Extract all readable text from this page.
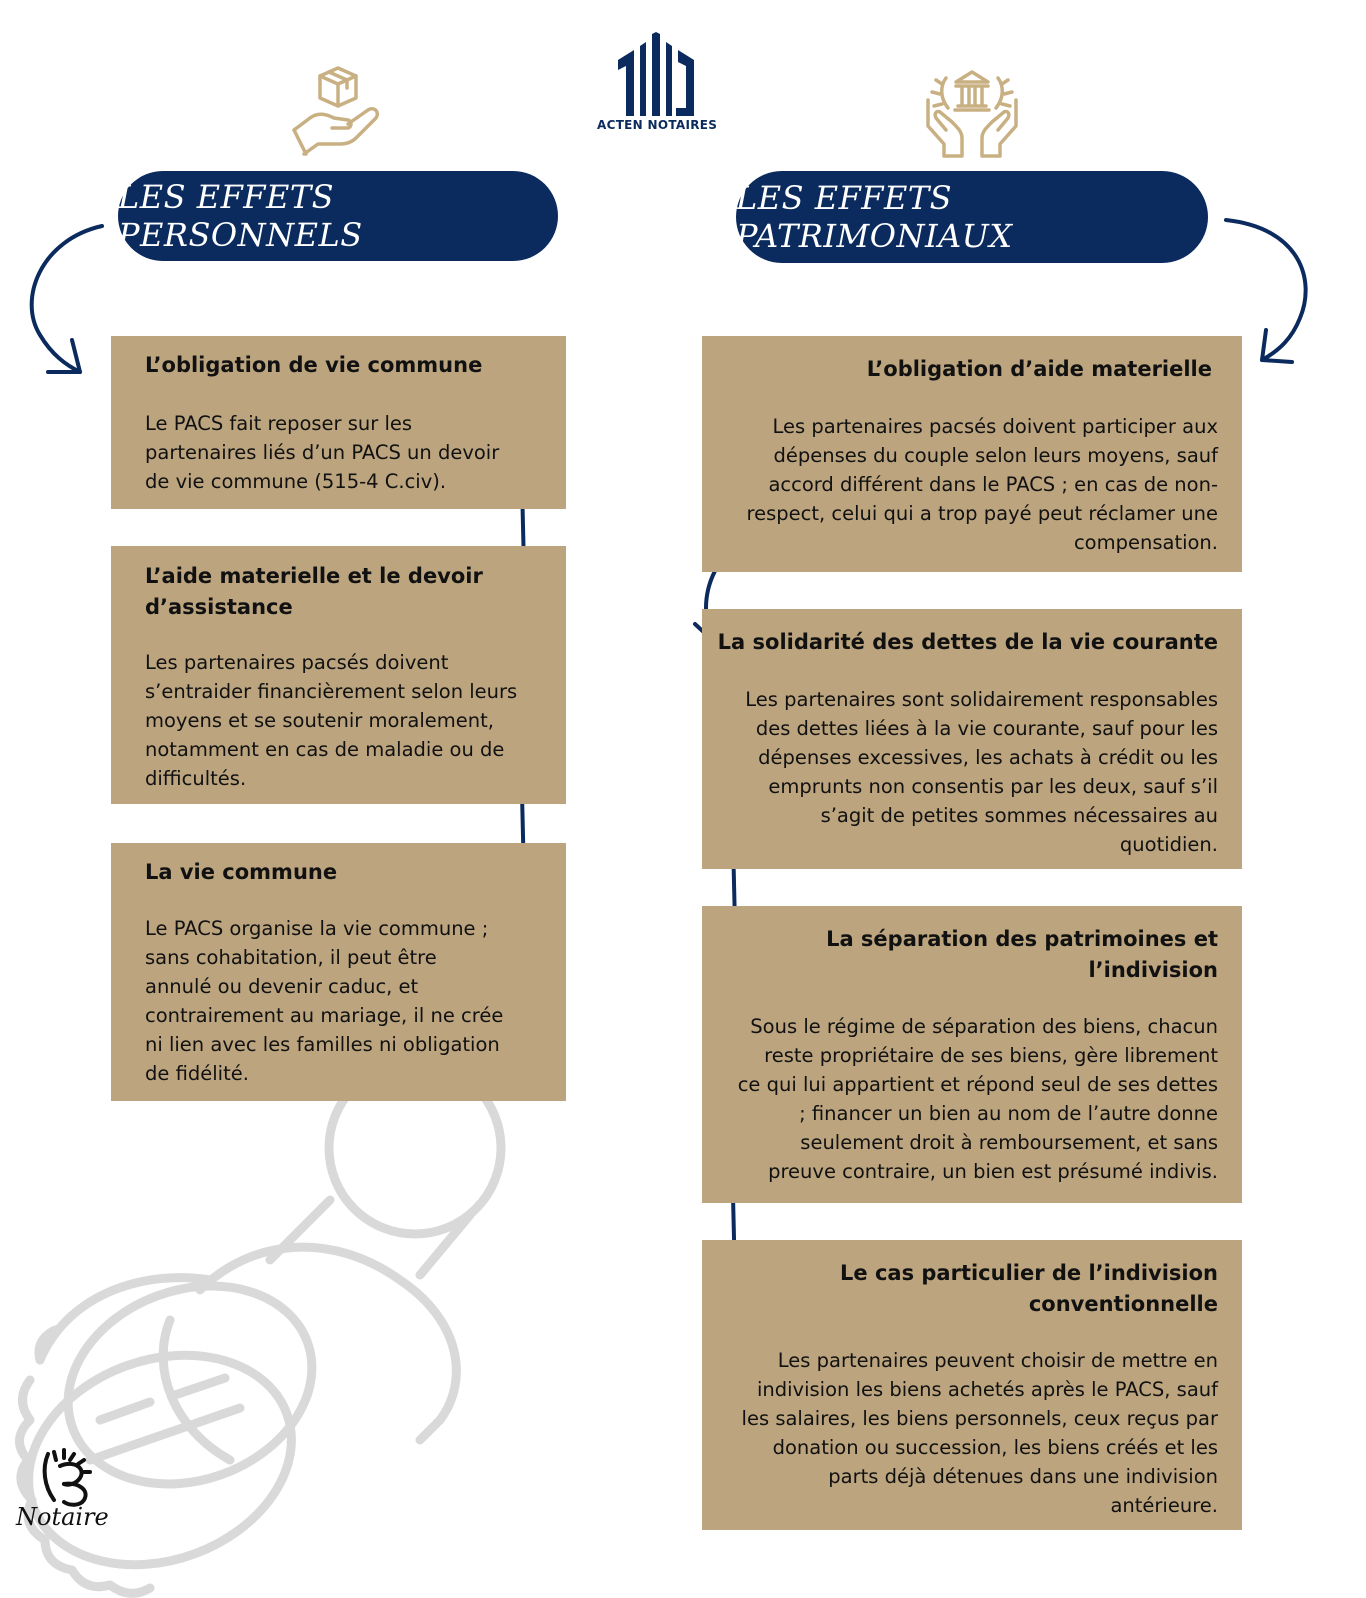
ACTEN NOTAIRES
LES EFFETS PERSONNELS
LES EFFETS PATRIMONIAUX
L’obligation de vie commune

Le PACS fait reposer sur les

partenaires liés d’un PACS un devoir

de vie commune (515-4 C.civ).

L’aide materielle et le devoir
d’assistance

Les partenaires pacsés doivent

s’entraider financièrement selon leurs

moyens et se soutenir moralement,

notamment en cas de maladie ou de

difficultés.

La vie commune

Le PACS organise la vie commune ;

sans cohabitation, il peut être

annulé ou devenir caduc, et

contrairement au mariage, il ne crée

ni lien avec les familles ni obligation

de fidélité.

L’obligation d’aide materielle

Les partenaires pacsés doivent participer aux

dépenses du couple selon leurs moyens, sauf

accord différent dans le PACS ; en cas de non-

respect, celui qui a trop payé peut réclamer une

compensation.

La solidarité des dettes de la vie courante

Les partenaires sont solidairement responsables

des dettes liées à la vie courante, sauf pour les

dépenses excessives, les achats à crédit ou les

emprunts non consentis par les deux, sauf s’il

s’agit de petites sommes nécessaires au

quotidien.

La séparation des patrimoines et
l’indivision

Sous le régime de séparation des biens, chacun

reste propriétaire de ses biens, gère librement

ce qui lui appartient et répond seul de ses dettes

; financer un bien au nom de l’autre donne

seulement droit à remboursement, et sans

preuve contraire, un bien est présumé indivis.

Le cas particulier de l’indivision
conventionnelle

Les partenaires peuvent choisir de mettre en

indivision les biens achetés après le PACS, sauf

les salaires, les biens personnels, ceux reçus par

donation ou succession, les biens créés et les

parts déjà détenues dans une indivision

antérieure.

Notaire
